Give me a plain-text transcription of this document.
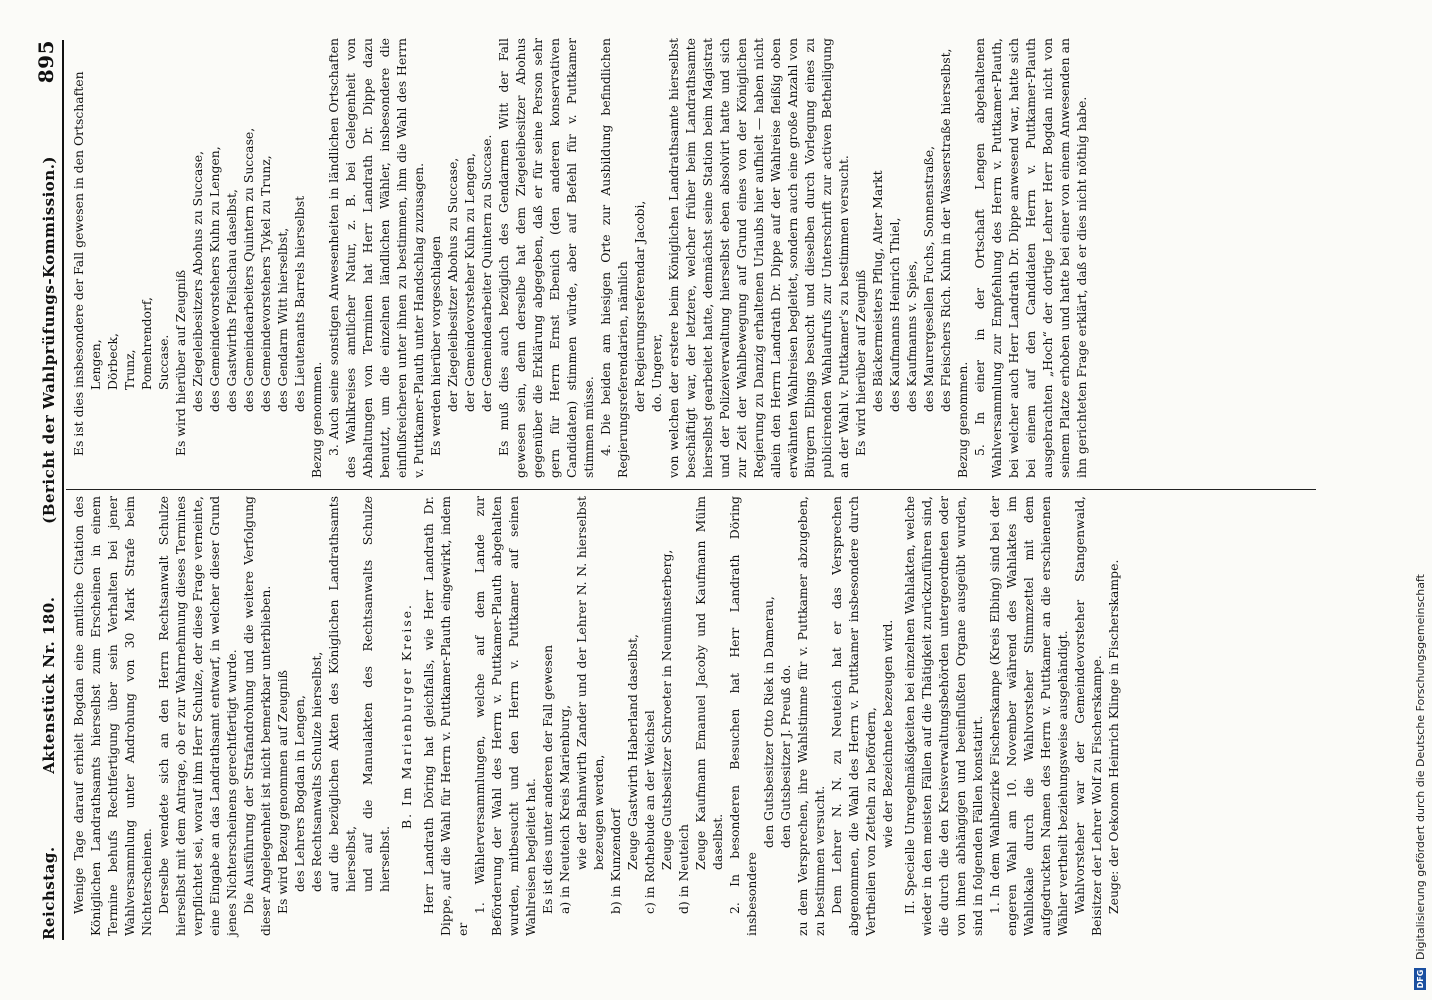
Reichstag.
Aktenstück Nr. 180.
(Bericht der Wahlprüfungs-Kommission.)
895

Wenige Tage darauf erhielt Bogdan eine amtliche Citation des Königlichen Landrathsamts hierselbst zum Erscheinen in einem Termine behufs Rechtfertigung über sein Verhalten bei jener Wahlversammlung unter Androhung von 30 Mark Strafe beim Nichterscheinen. Derselbe wendete sich an den Herrn Rechtsanwalt Schulze hierselbst mit dem Antrage, ob er zur Wahrnehmung dieses Termines verpflichtet sei, worauf ihm Herr Schulze, der diese Frage verneinte, eine Eingabe an das Landrathsamt entwarf, in welcher dieser Grund jenes Nichterscheinens gerechtfertigt wurde. Die Ausführung der Strafandrohung und die weitere Verfolgung dieser Angelegenheit ist nicht bemerkbar unterblieben. Es wird Bezug genommen auf Zeugniß des Lehrers Bogdan in Lengen, des Rechtsanwalts Schulze hierselbst, auf die bezüglichen Akten des Königlichen Landrathsamts hierselbst, und auf die Manualakten des Rechtsanwalts Schulze hierselbst.

B. Im Marienburger Kreise. Herr Landrath Döring hat gleichfalls, wie Herr Landrath Dr. Dippe, auf die Wahl für Herrn v. Puttkamer-Plauth eingewirkt, indem er

1. Wählerversammlungen, welche auf dem Lande zur Beförderung der Wahl des Herrn v. Puttkamer-Plauth abgehalten wurden, mitbesucht und den Herrn v. Puttkamer auf seinen Wahlreisen begleitet hat. Es ist dies unter anderen der Fall gewesen a) in Neuteich Kreis Marienburg, wie der Bahnwirth Zander und der Lehrer N. N. hierselbst bezeugen werden, b) in Kunzendorf Zeuge Gastwirth Haberland daselbst, c) in Rothebude an der Weichsel Zeuge Gutsbesitzer Schroeter in Neumünsterberg, d) in Neuteich Zeuge Kaufmann Emanuel Jacoby und Kaufmann Mülm daselbst. 2. In besonderen Besuchen hat Herr Landrath Döring insbesondere

den Gutsbesitzer Otto Riek in Damerau, den Gutsbesitzer J. Preuß do. zu dem Versprechen, ihre Wahlstimme für v. Puttkamer abzugeben, zu bestimmen versucht. Dem Lehrer N. N. zu Neuteich hat er das Versprechen abgenommen, die Wahl des Herrn v. Puttkamer insbesondere durch Vertheilen von Zetteln zu befördern, wie der Bezeichnete bezeugen wird. II. Specielle Unregelmäßigkeiten bei einzelnen Wahlakten, welche wieder in den meisten Fällen auf die Thätigkeit zurückzuführen sind, die durch die den Kreisverwaltungsbehörden untergeordneten oder von ihnen abhängigen und beeinflußten Organe ausgeübt wurden, sind in folgenden Fällen konstatirt. 1. In dem Wahlbezirke Fischerskampe (Kreis Elbing) sind bei der engeren Wahl am 10. November während des Wahlaktes im Wahllokale durch die Wahlvorsteher Stimmzettel mit dem aufgedruckten Namen des Herrn v. Puttkamer an die erschienenen Wähler vertheilt beziehungsweise ausgehändigt. Wahlvorsteher war der Gemeindevorsteher Stangenwald, Beisitzer der Lehrer Wolf zu Fischerskampe. Zeuge: der Oekonom Heinrich Klinge in Fischerskampe.

Es ist dies insbesondere der Fall gewesen in den Ortschaften Lengen, Dörbeck, Trunz, Pomehrendorf, Succase. Es wird hierüber auf Zeugniß des Ziegeleibesitzers Abohus zu Succase, des Gemeindevorstehers Kuhn zu Lengen, des Gastwirths Pfeilschau daselbst, des Gemeindearbeiters Quintern zu Succase, des Gemeindevorstehers Tykel zu Trunz, des Gendarm Witt hierselbst, des Lieutenants Barrels hierselbst

Bezug genommen. 3. Auch seine sonstigen Anwesenheiten in ländlichen Ortschaften des Wahlkreises amtlicher Natur, z. B. bei Gelegenheit von Abhaltungen von Terminen hat Herr Landrath Dr. Dippe dazu benutzt, um die einzelnen ländlichen Wähler, insbesondere die einflußreicheren unter ihnen zu bestimmen, ihm die Wahl des Herrn v. Puttkamer-Plauth unter Handschlag zuzusagen. Es werden hierüber vorgeschlagen der Ziegeleibesitzer Abohus zu Succase, der Gemeindevorsteher Kuhn zu Lengen, der Gemeindearbeiter Quintern zu Succase. Es muß dies auch bezüglich des Gendarmen Witt der Fall gewesen sein, denn derselbe hat dem Ziegeleibesitzer Abohus gegenüber die Erklärung abgegeben, daß er für seine Person sehr gern für Herrn Ernst Ebenich (den anderen konservativen Candidaten) stimmen würde, aber auf Befehl für v. Puttkamer stimmen müsse. 4. Die beiden am hiesigen Orte zur Ausbildung befindlichen Regierungsreferendarien, nämlich der Regierungsreferendar Jacobi, do. Ungerer, von welchen der erstere beim Königlichen Landrathsamte hierselbst beschäftigt war, der letztere, welcher früher beim Landrathsamte hierselbst gearbeitet hatte, demnächst seine Station beim Magistrat und der Polizeiverwaltung hierselbst eben absolvirt hatte und sich zur Zeit der Wahlbewegung auf Grund eines von der Königlichen Regierung zu Danzig erhaltenen Urlaubs hier aufhielt — haben nicht allein den Herrn Landrath Dr. Dippe auf der Wahlreise fleißig oben erwähnten Wahlreisen begleitet, sondern auch eine große Anzahl von Bürgern Elbings besucht und dieselben durch Vorlegung eines zu publicirenden Wahlaufrufs zur Unterschrift zur activen Betheiligung an der Wahl v. Puttkamer's zu bestimmen versucht. Es wird hierüber auf Zeugniß des Bäckermeisters Pflug, Alter Markt des Kaufmanns Heinrich Thiel, des Kaufmanns v. Spies, des Maurergesellen Fuchs, Sonnenstraße, des Fleischers Rich. Kuhn in der Wasserstraße hierselbst,

Bezug genommen. 5. In einer in der Ortschaft Lengen abgehaltenen Wahlversammlung zur Empfehlung des Herrn v. Puttkamer-Plauth, bei welcher auch Herr Landrath Dr. Dippe anwesend war, hatte sich bei einem auf den Candidaten Herrn v. Puttkamer-Plauth ausgebrachten „Hoch“ der dortige Lehrer Herr Bogdan nicht von seinem Platze erhoben und hatte bei einer von einem Anwesenden an ihn gerichteten Frage erklärt, daß er dies nicht nöthig habe.

DFG
Digitalisierung gefördert durch die Deutsche Forschungsgemeinschaft
